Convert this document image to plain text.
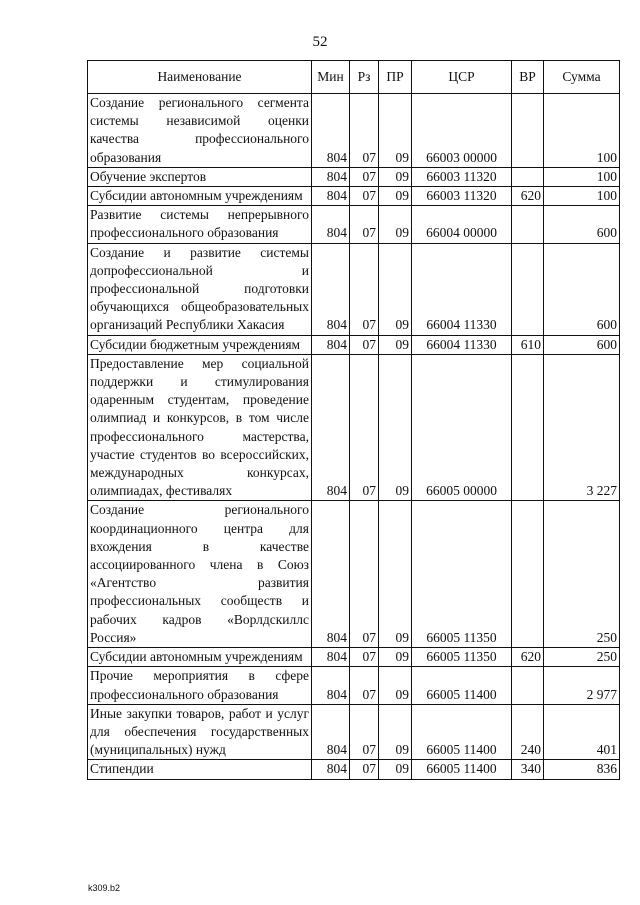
52
Наименование	Мин	Рз	ПР	ЦСР	ВР	Сумма
Создание регионального сегмента системы независимой оценки качества профессионального образования	804	07	09	66003 00000		100
Обучение экспертов	804	07	09	66003 11320		100
Субсидии автономным учреждениям	804	07	09	66003 11320	620	100
Развитие системы непрерывного профессионального образования	804	07	09	66004 00000		600
Создание и развитие системы допрофессиональной и профессиональной подготовки обучающихся общеобразовательных организаций Республики Хакасия	804	07	09	66004 11330		600
Субсидии бюджетным учреждениям	804	07	09	66004 11330	610	600
Предоставление мер социальной поддержки и стимулирования одаренным студентам, проведение олимпиад и конкурсов, в том числе профессионального мастерства, участие студентов во всероссийских, международных конкурсах, олимпиадах, фестивалях	804	07	09	66005 00000		3 227
Создание регионального координационного центра для вхождения в качестве ассоциированного члена в Союз «Агентство развития профессиональных сообществ и рабочих кадров «Ворлдскиллс Россия»	804	07	09	66005 11350		250
Субсидии автономным учреждениям	804	07	09	66005 11350	620	250
Прочие мероприятия в сфере профессионального образования	804	07	09	66005 11400		2 977
Иные закупки товаров, работ и услуг для обеспечения государственных (муниципальных) нужд	804	07	09	66005 11400	240	401
Стипендии	804	07	09	66005 11400	340	836
k309.b2
